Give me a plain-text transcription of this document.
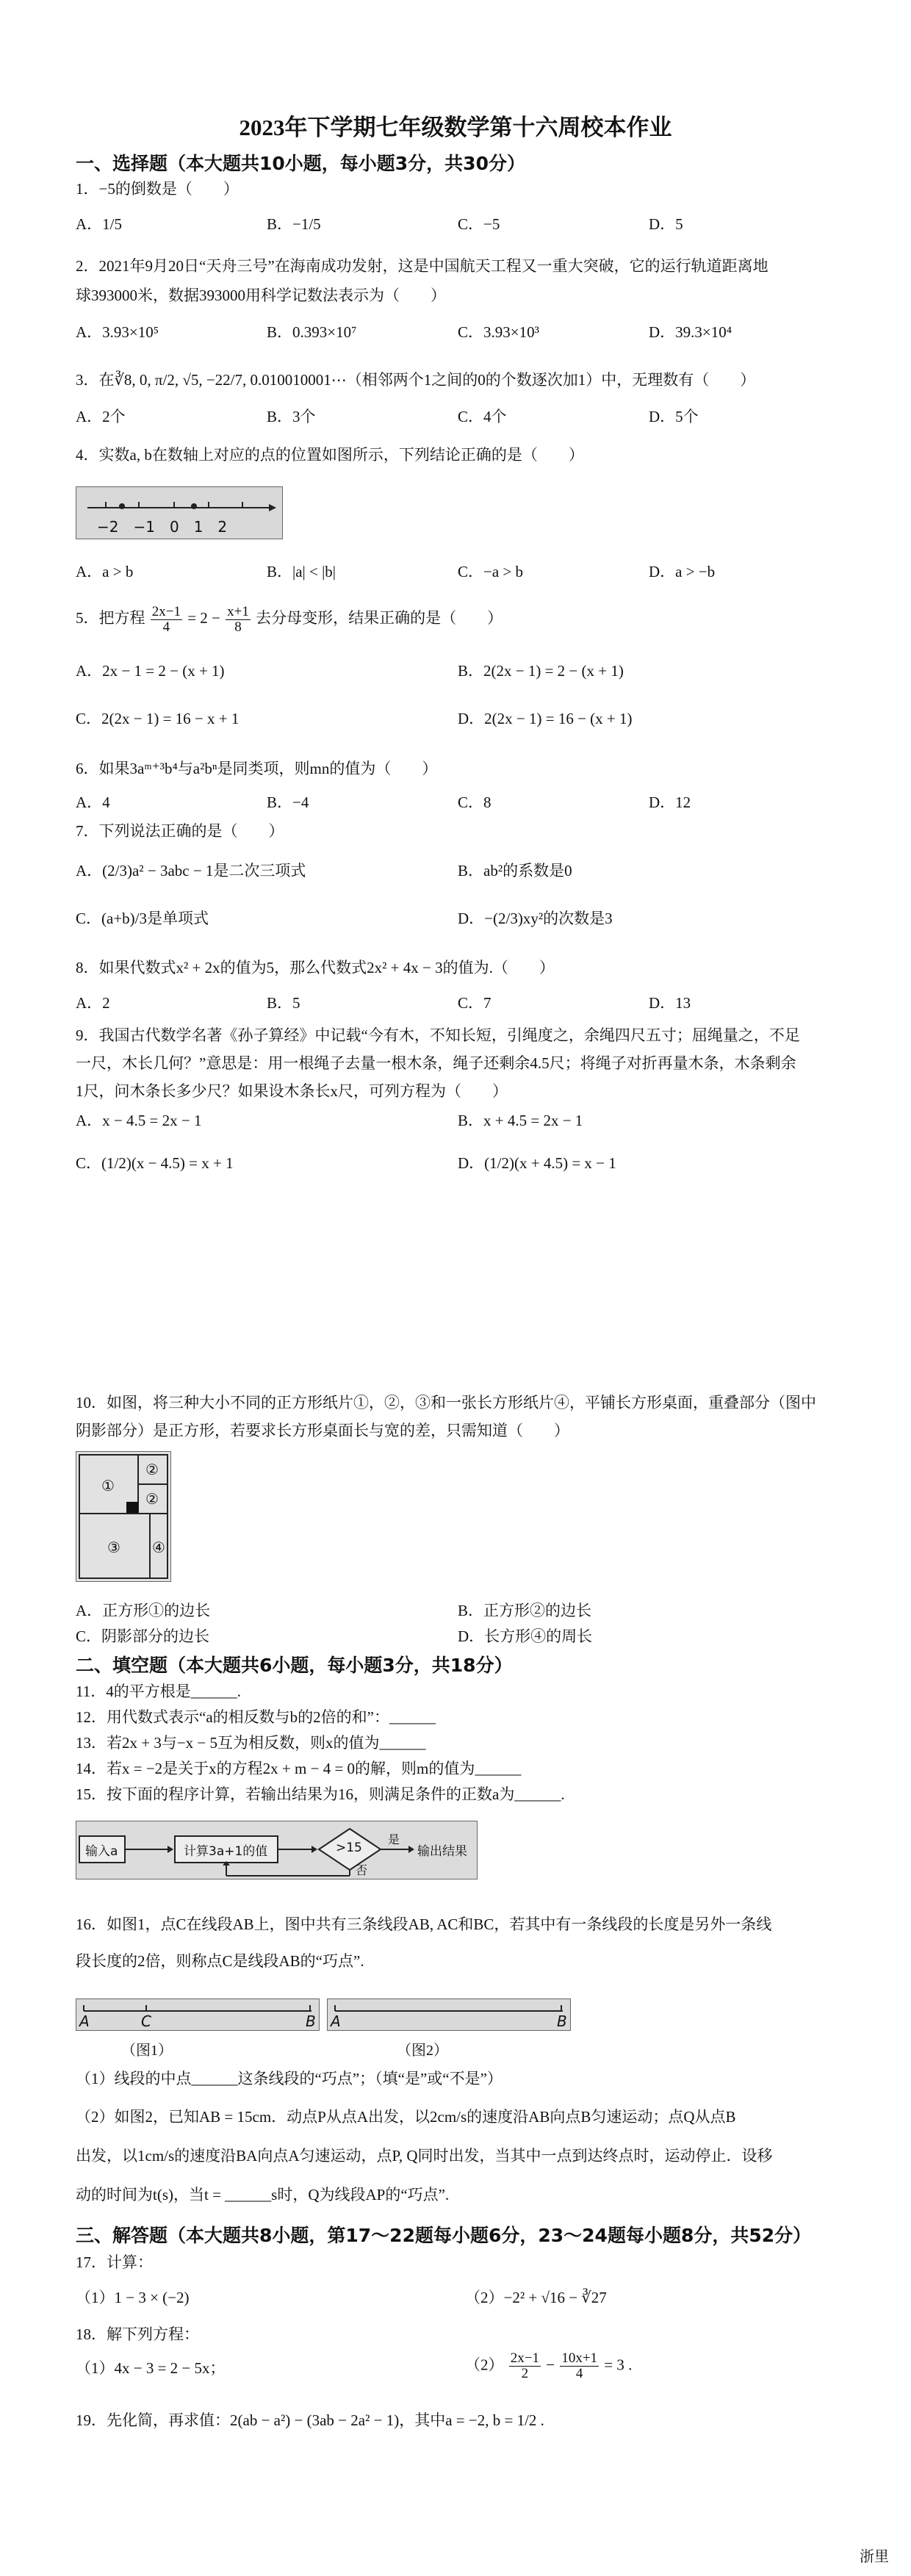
2023年下学期七年级数学第十六周校本作业
一、选择题（本大题共10小题，每小题3分，共30分）
1．−5的倒数是（　　）
A．1/5	B．−1/5	C．−5	D．5
2．2021年9月20日“天舟三号”在海南成功发射，这是中国航天工程又一重大突破，它的运行轨道距离地
球393000米，数据393000用科学记数法表示为（　　）
A．3.93×10⁵	B．0.393×10⁷	C．3.93×10³	D．39.3×10⁴
3．在∛8, 0, π/2, √5, −22/7, 0.010010001⋯（相邻两个1之间的0的个数逐次加1）中，无理数有（　　）
A．2个	B．3个	C．4个	D．5个
4．实数a, b在数轴上对应的点的位置如图所示，下列结论正确的是（　　）
−2　−1　0　1　2
A．a > b	B．|a| < |b|	C．−a > b	D．a > −b
5．把方程 $\frac{2x-1}{4} = 2 - \frac{x+1}{8}$ 去分母变形，结果正确的是（　　）
A．2x − 1 = 2 − (x + 1)	B．2(2x − 1) = 2 − (x + 1)
C．2(2x − 1) = 16 − x + 1	D．2(2x − 1) = 16 − (x + 1)
6．如果3aᵐ⁺³b⁴与a²bⁿ是同类项，则mn的值为（　　）
A．4	B．−4	C．8	D．12
7．下列说法正确的是（　　）
A．(2/3)a² − 3abc − 1是二次三项式	B．ab²的系数是0
C．(a+b)/3是单项式	D．−(2/3)xy²的次数是3
8．如果代数式x² + 2x的值为5，那么代数式2x² + 4x − 3的值为.（　　）
A．2	B．5	C．7	D．13
9．我国古代数学名著《孙子算经》中记载“今有木，不知长短，引绳度之，余绳四尺五寸；屈绳量之，不足
一尺，木长几何？”意思是：用一根绳子去量一根木条，绳子还剩余4.5尺；将绳子对折再量木条，木条剩余
1尺，问木条长多少尺？如果设木条长x尺，可列方程为（　　）
A．x − 4.5 = 2x − 1	B．x + 4.5 = 2x − 1
C．(1/2)(x − 4.5) = x + 1	D．(1/2)(x + 4.5) = x − 1
10．如图，将三种大小不同的正方形纸片①，②，③和一张长方形纸片④，平铺长方形桌面，重叠部分（图中
阴影部分）是正方形，若要求长方形桌面长与宽的差，只需知道（　　）
①
②
②
③ ④
A．正方形①的边长	B．正方形②的边长
C．阴影部分的边长	D．长方形④的周长
二、填空题（本大题共6小题，每小题3分，共18分）
11．4的平方根是______.
12．用代数式表示“a的相反数与b的2倍的和”：______
13．若2x + 3与−x − 5互为相反数，则x的值为______
14．若x = −2是关于x的方程2x + m − 4 = 0的解，则m的值为______
15．按下面的程序计算，若输出结果为16，则满足条件的正数a为______.
输入a	计算3a+1的值	>15
是
否
输出结果
16．如图1，点C在线段AB上，图中共有三条线段AB, AC和BC，若其中有一条线段的长度是另外一条线
段长度的2倍，则称点C是线段AB的“巧点”.
A	C	B A	B
（图1）	（图2）
（1）线段的中点______这条线段的“巧点”；（填“是”或“不是”）
（2）如图2，已知AB = 15cm．动点P从点A出发，以2cm/s的速度沿AB向点B匀速运动；点Q从点B
出发，以1cm/s的速度沿BA向点A匀速运动，点P, Q同时出发，当其中一点到达终点时，运动停止．设移
动的时间为t(s)，当t = ______s时，Q为线段AP的“巧点”.
三、解答题（本大题共8小题，第17～22题每小题6分，23～24题每小题8分，共52分）
17．计算：
（1）1 − 3 × (−2)	（2）−2² + √16 − ∛27
18．解下列方程：
（1）4x − 3 = 2 − 5x；	$(2) \frac{2x-1}{2} - \frac{10x+1}{4} = 3$ .
19．先化简，再求值：2(ab − a²) − (3ab − 2a² − 1)，其中a = −2, b = 1/2 .
浙里
